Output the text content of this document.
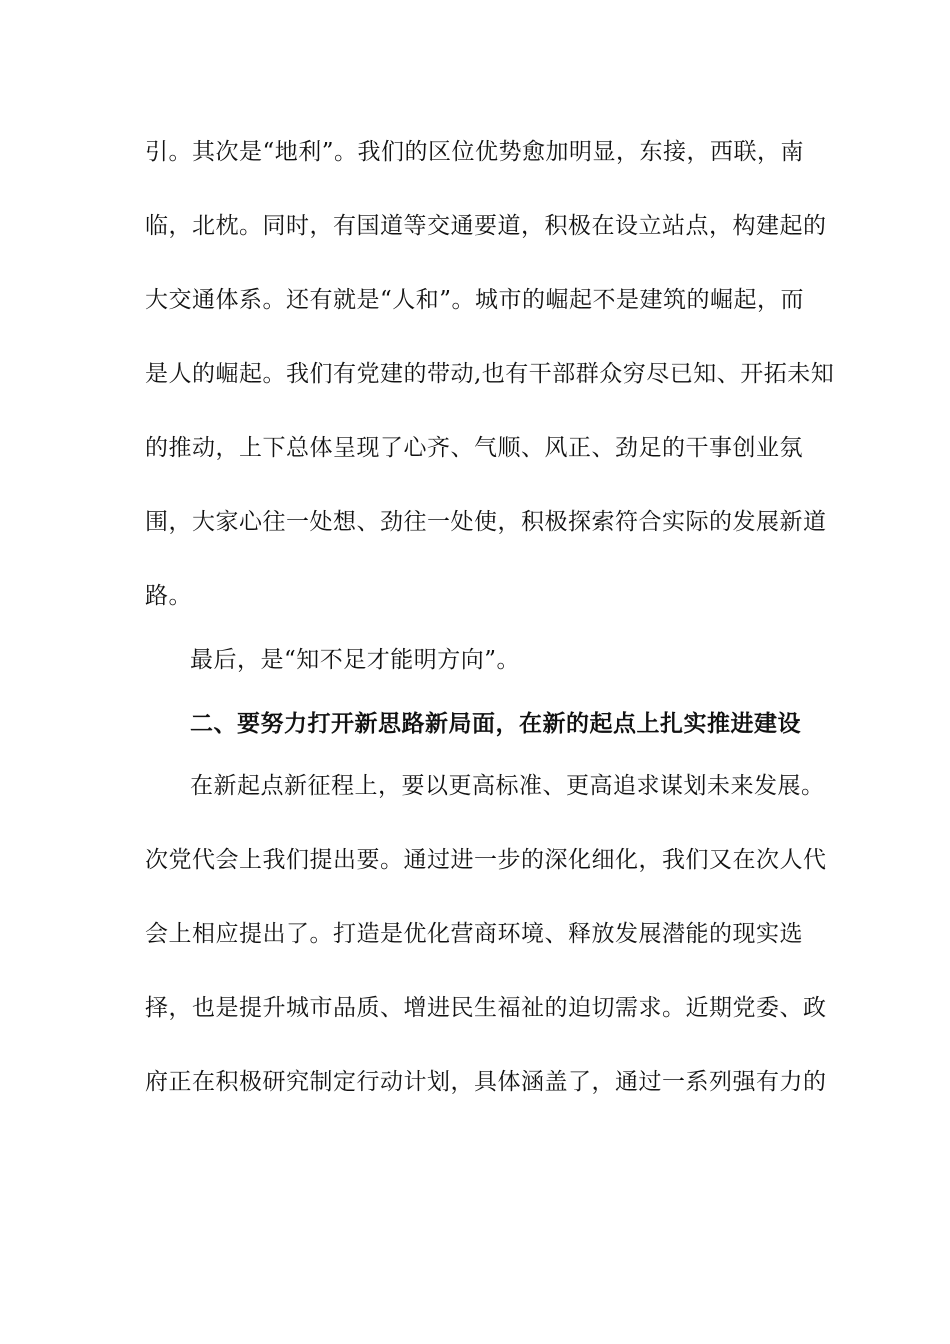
引。其次是“地利”。我们的区位优势愈加明显，东接，西联，南
临，北枕。同时，有国道等交通要道，积极在设立站点，构建起的
大交通体系。还有就是“人和”。城市的崛起不是建筑的崛起，而
是人的崛起。我们有党建的带动,也有干部群众穷尽已知、开拓未知
的推动，上下总体呈现了心齐、气顺、风正、劲足的干事创业氛
围，大家心往一处想、劲往一处使，积极探索符合实际的发展新道
路。
最后，是“知不足才能明方向”。
二、要努力打开新思路新局面，在新的起点上扎实推进建设
在新起点新征程上，要以更高标准、更高追求谋划未来发展。
次党代会上我们提出要。通过进一步的深化细化，我们又在次人代
会上相应提出了。打造是优化营商环境、释放发展潜能的现实选
择，也是提升城市品质、增进民生福祉的迫切需求。近期党委、政
府正在积极研究制定行动计划，具体涵盖了，通过一系列强有力的
